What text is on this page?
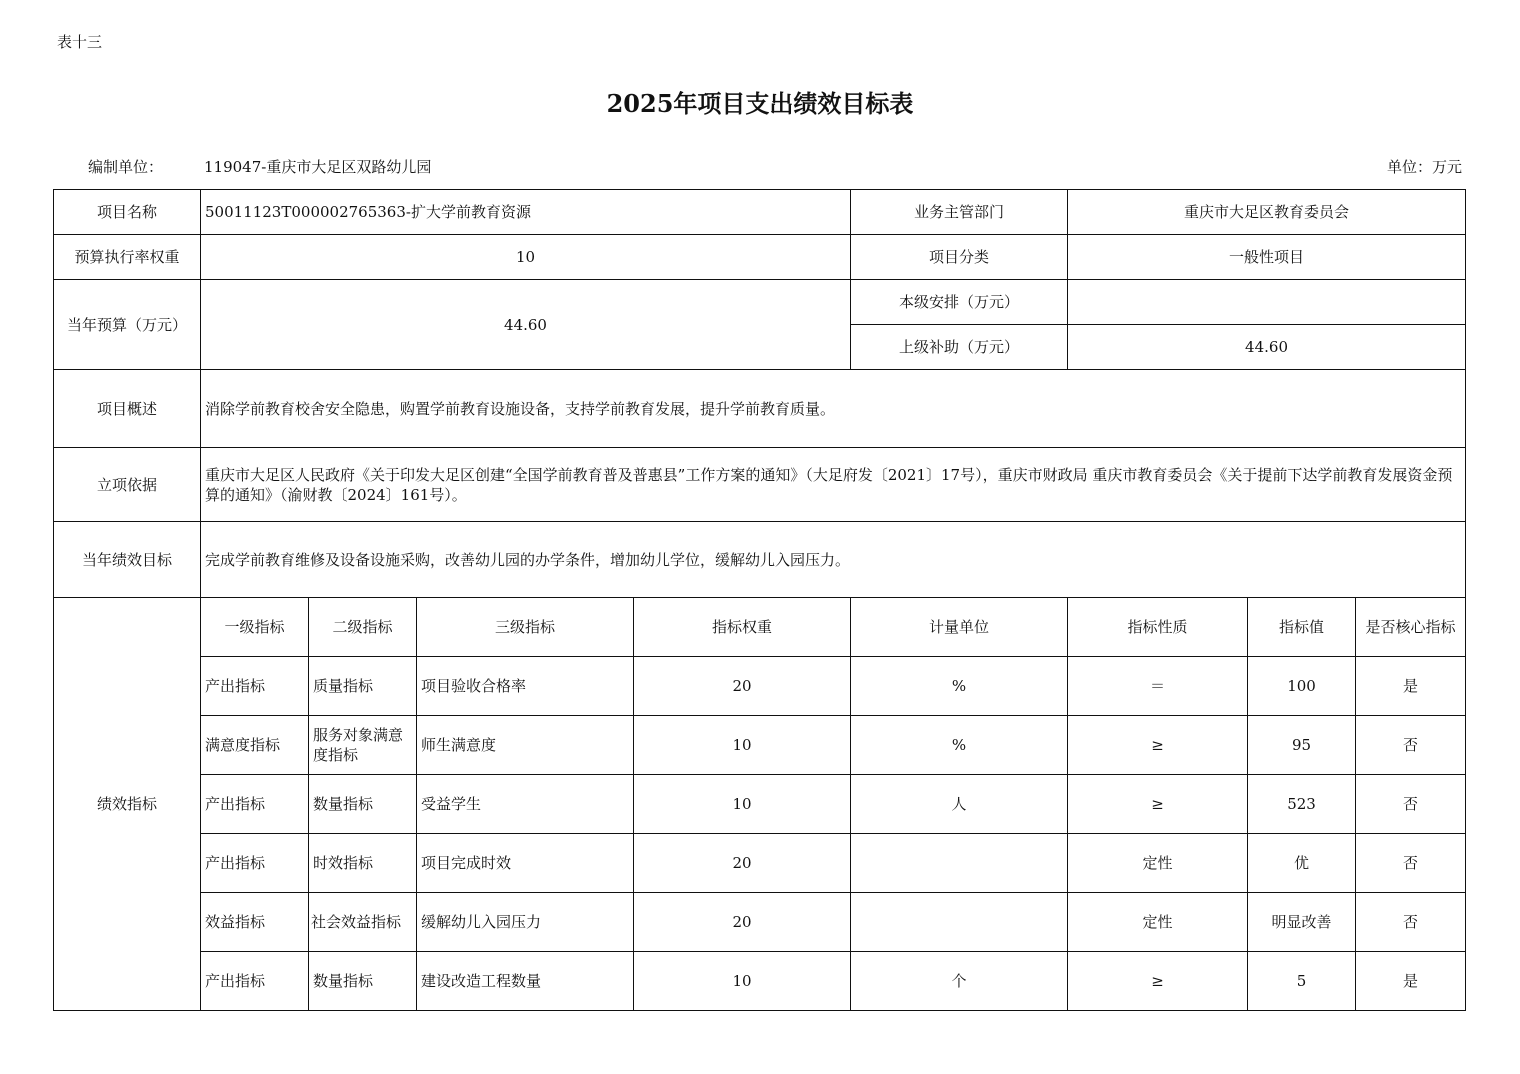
表十三
2025年项目支出绩效目标表
编制单位：	119047-重庆市大足区双路幼儿园	单位：万元
项目名称	50011123T000002765363-扩大学前教育资源				业务主管部门	重庆市大足区教育委员会		
预算执行率权重	10				项目分类	一般性项目		
当年预算（万元）	44.60				本级安排（万元）			
					上级补助（万元）	44.60		
项目概述	消除学前教育校舍安全隐患，购置学前教育设施设备，支持学前教育发展，提升学前教育质量。							
立项依据	重庆市大足区人民政府《关于印发大足区创建“全国学前教育普及普惠县”工作方案的通知》（大足府发〔2021〕17号），重庆市财政局 重庆市教育委员会《关于提前下达学前教育发展资金预算的通知》（渝财教〔2024〕161号）。							
当年绩效目标	完成学前教育维修及设备设施采购，改善幼儿园的办学条件，增加幼儿学位，缓解幼儿入园压力。							
绩效指标	一级指标	二级指标	三级指标	指标权重	计量单位	指标性质	指标值	是否核心指标
	产出指标	质量指标	项目验收合格率	20	%	＝	100	是
	满意度指标	服务对象满意度指标	师生满意度	10	%	≥	95	否
	产出指标	数量指标	受益学生	10	人	≥	523	否
	产出指标	时效指标	项目完成时效	20		定性	优	否
	效益指标	社会效益指标	缓解幼儿入园压力	20		定性	明显改善	否
	产出指标	数量指标	建设改造工程数量	10	个	≥	5	是
